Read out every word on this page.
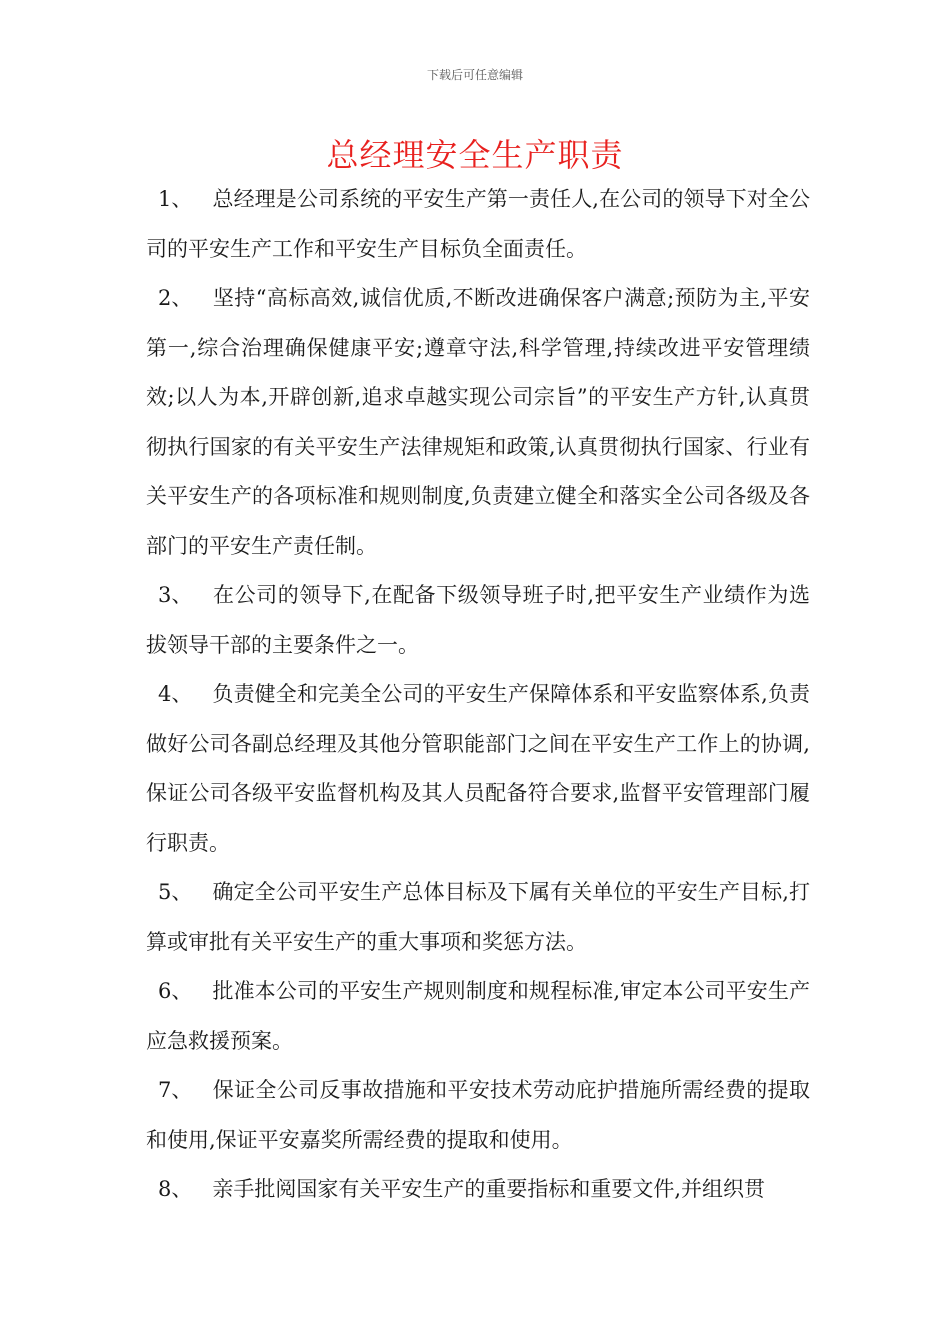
下载后可任意编辑
总经理安全生产职责

1、 总经理是公司系统的平安生产第一责任人,在公司的领导下对全公司的平安生产工作和平安生产目标负全面责任。

2、 坚持“高标高效,诚信优质,不断改进确保客户满意;预防为主,平安第一,综合治理确保健康平安;遵章守法,科学管理,持续改进平安管理绩效;以人为本,开辟创新,追求卓越实现公司宗旨”的平安生产方针,认真贯彻执行国家的有关平安生产法律规矩和政策,认真贯彻执行国家、行业有关平安生产的各项标准和规则制度,负责建立健全和落实全公司各级及各部门的平安生产责任制。

3、 在公司的领导下,在配备下级领导班子时,把平安生产业绩作为选拔领导干部的主要条件之一。

4、 负责健全和完美全公司的平安生产保障体系和平安监察体系,负责做好公司各副总经理及其他分管职能部门之间在平安生产工作上的协调,保证公司各级平安监督机构及其人员配备符合要求,监督平安管理部门履行职责。

5、 确定全公司平安生产总体目标及下属有关单位的平安生产目标,打算或审批有关平安生产的重大事项和奖惩方法。

6、 批准本公司的平安生产规则制度和规程标准,审定本公司平安生产应急救援预案。

7、 保证全公司反事故措施和平安技术劳动庇护措施所需经费的提取和使用,保证平安嘉奖所需经费的提取和使用。

8、 亲手批阅国家有关平安生产的重要指标和重要文件,并组织贯
